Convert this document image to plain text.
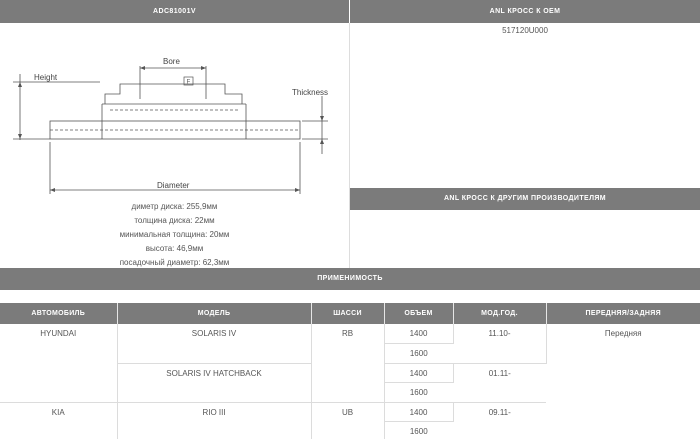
ADC81001V	ANL КРОСС К OEM
517120U000
ANL КРОСС К ДРУГИМ ПРОИЗВОДИТЕЛЯМ
F
Height
Bore
Thickness
Diameter
диметр диска: 255,9мм
толщина диска: 22мм
минимальная толщина: 20мм
высота: 46,9мм
посадочный диаметр: 62,3мм
ПРИМЕНИМОСТЬ
АВТОМОБИЛЬ	МОДЕЛЬ	ШАССИ	ОБЪЕМ	МОД.ГОД.	ПЕРЕДНЯЯ/ЗАДНЯЯ
HYUNDAI	SOLARIS IV	RB	1400	11.10-	Передняя
			1600		
	SOLARIS IV HATCHBACK		1400	01.11-	
			1600		
KIA	RIO III	UB	1400	09.11-	
			1600		
